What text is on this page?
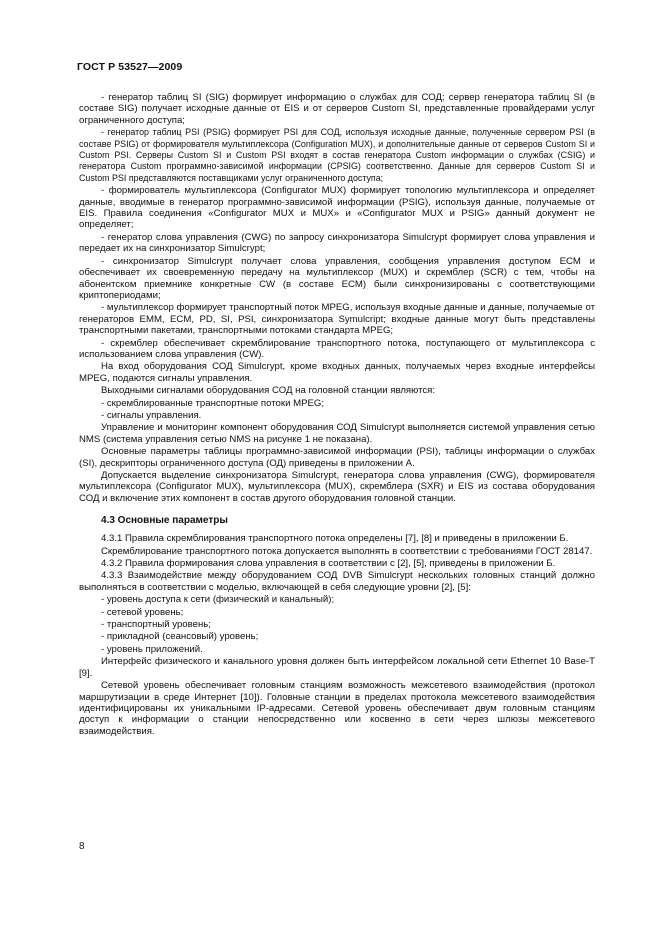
ГОСТ Р 53527—2009

- генератор таблиц SI (SIG) формирует информацию о службах для СОД; сервер генератора таблиц SI (в составе SIG) получает исходные данные от EIS и от серверов Custom SI, представленные провайдерами услуг ограниченного доступа;

- генератор таблиц PSI (PSIG) формирует PSI для СОД, используя исходные данные, полученные сервером PSI (в составе PSIG) от формирователя мультиплексора (Configuration MUX), и дополнительные данные от серверов Custom SI и Custom PSI. Серверы Custom SI и Custom PSI входят в состав генератора Custom информации о службах (CSIG) и генератора Custom программно-зависимой информации (CPSIG) соответственно. Данные для серверов Custom SI и Custom PSI представляются поставщиками услуг ограниченного доступа;

- формирователь мультиплексора (Configurator MUX) формирует топологию мультиплексора и определяет данные, вводимые в генератор программно-зависимой информации (PSIG), используя данные, получаемые от EIS. Правила соединения «Configurator MUX и MUX» и «Configurator MUX и PSIG» данный документ не определяет;

- генератор слова управления (CWG) по запросу синхронизатора Simulcrypt формирует слова управления и передает их на синхронизатор Simulcrypt;

- синхронизатор Simulcrypt получает слова управления, сообщения управления доступом ECM и обеспечивает их своевременную передачу на мультиплексор (MUX) и скремблер (SCR) с тем, чтобы на абонентском приемнике конкретные CW (в составе ECM) были синхронизированы с соответствующими криптопериодами;

- мультиплексор формирует транспортный поток MPEG, используя входные данные и данные, получаемые от генераторов EMM, ECM, PD, SI, PSI, синхронизатора Symulcript; входные данные могут быть представлены транспортными пакетами, транспортными потоками стандарта MPEG;

- скремблер обеспечивает скремблирование транспортного потока, поступающего от мультиплексора с использованием слова управления (CW).

На вход оборудования СОД Simulcrypt, кроме входных данных, получаемых через входные интерфейсы MPEG, подаются сигналы управления.

Выходными сигналами оборудования СОД на головной станции являются:

- скремблированные транспортные потоки MPEG;

- сигналы управления.

Управление и мониторинг компонент оборудования СОД Simulcrypt выполняется системой управления сетью NMS (система управления сетью NMS на рисунке 1 не показана).

Основные параметры таблицы программно-зависимой информации (PSI), таблицы информации о службах (SI), дескрипторы ограниченного доступа (ОД) приведены в приложении А.

Допускается выделение синхронизатора Simulcrypt, генератора слова управления (CWG), формирователя мультиплексора (Configurator MUX), мультиплексора (MUX), скремблера (SXR) и EIS из состава оборудования СОД и включение этих компонент в состав другого оборудования головной станции.

4.3 Основные параметры

4.3.1 Правила скремблирования транспортного потока определены [7], [8] и приведены в приложении Б.

Скремблирование транспортного потока допускается выполнять в соответствии с требованиями ГОСТ 28147.

4.3.2 Правила формирования слова управления в соответствии с [2], [5], приведены в приложении Б.

4.3.3 Взаимодействие между оборудованием СОД DVB Simulcrypt нескольких головных станций должно выполняться в соответствии с моделью, включающей в себя следующие уровни [2], [5]:

- уровень доступа к сети (физический и канальный);

- сетевой уровень;

- транспортный уровень;

- прикладной (сеансовый) уровень;

- уровень приложений.

Интерфейс физического и канального уровня должен быть интерфейсом локальной сети Ethernet 10 Base-T [9].

Сетевой уровень обеспечивает головным станциям возможность межсетевого взаимодействия (протокол маршрутизации в среде Интернет [10]). Головные станции в пределах протокола межсетевого взаимодействия идентифицированы их уникальными IP-адресами. Сетевой уровень обеспечивает двум головным станциям доступ к информации о станции непосредственно или косвенно в сети через шлюзы межсетевого взаимодействия.

8
